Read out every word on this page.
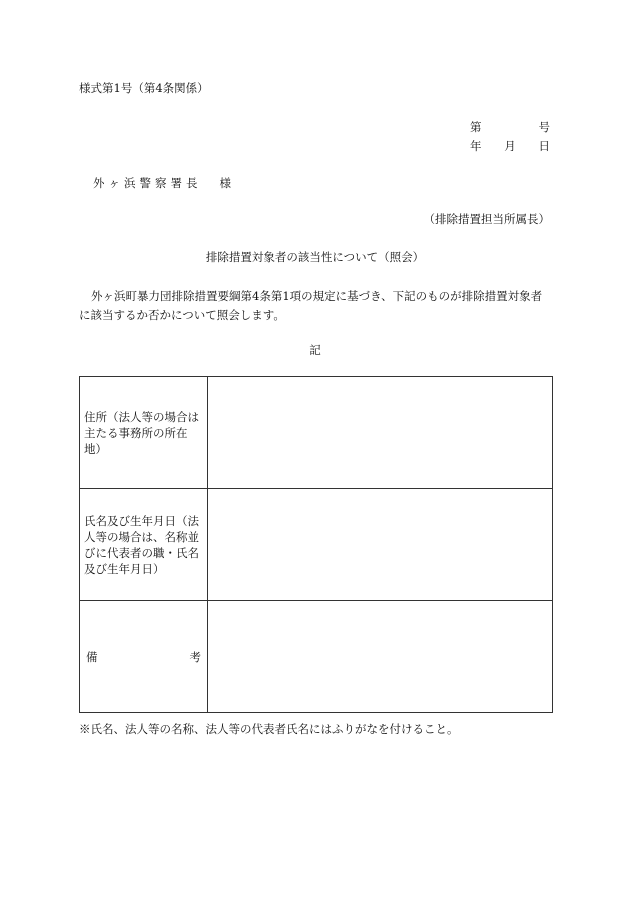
様式第1号（第4条関係）
第	号
年 月 日
外ヶ浜警察署長 様
（排除措置担当所属長）
排除措置対象者の該当性について（照会）
外ヶ浜町暴力団排除措置要綱第4条第1項の規定に基づき、下記のものが排除措置対象者に該当するか否かについて照会します。
記
住所（法人等の場合は
主たる事務所の所在地）	

氏名及び生年月日（法
人等の場合は、名称並
びに代表者の職・氏名
及び生年月日）	

備 考	

※氏名、法人等の名称、法人等の代表者氏名にはふりがなを付けること。
